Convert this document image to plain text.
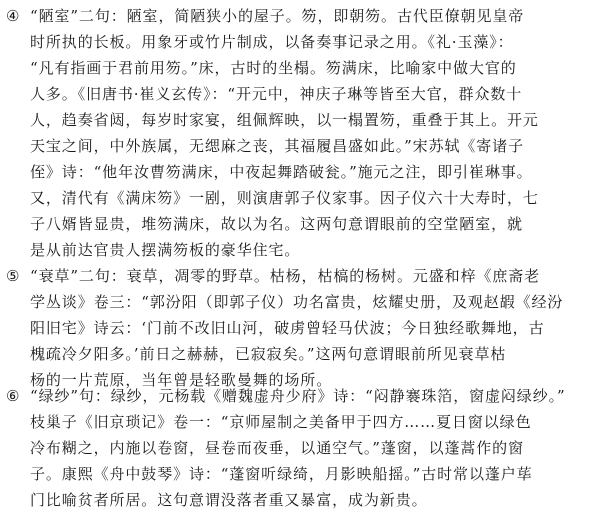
④ “陋室”二句：陋室，简陋狭小的屋子。笏，即朝笏。古代臣僚朝见皇帝
时所执的长板。用象牙或竹片制成，以备奏事记录之用。《礼·玉藻》：
“凡有指画于君前用笏。”床，古时的坐榻。笏满床，比喻家中做大官的
人多。《旧唐书·崔义玄传》：“开元中，神庆子琳等皆至大官，群众数十
人，趋奏省闼，每岁时家宴，组佩辉映，以一榻置笏，重叠于其上。开元
天宝之间，中外族属，无缌麻之丧，其福履昌盛如此。”宋苏轼《寄诸子
侄》诗：“他年汝曹笏满床，中夜起舞踏破瓮。”施元之注，即引崔琳事。
又，清代有《满床笏》一剧，则演唐郭子仪家事。因子仪六十大寿时，七
子八婿皆显贵，堆笏满床，故以为名。这两句意谓眼前的空堂陋室，就
是从前达官贵人摆满笏板的豪华住宅。
⑤ “衰草”二句：衰草，凋零的野草。枯杨，枯槁的杨树。元盛和梓《庶斋老
学丛谈》卷三：“郭汾阳（即郭子仪）功名富贵，炫耀史册，及观赵嘏《经汾
阳旧宅》诗云：‘门前不改旧山河，破虏曾轻马伏波；今日独经歌舞地，古
槐疏冷夕阳多。’前日之赫赫，已寂寂矣。”这两句意谓眼前所见衰草枯
杨的一片荒原，当年曾是轻歌曼舞的场所。
⑥ “绿纱”句：绿纱，元杨载《赠魏虚舟少府》诗：“闷静褰珠箔，窗虚闷绿纱。”
枝巢子《旧京琐记》卷一：“京师屋制之美备甲于四方……夏日窗以绿色
冷布糊之，内施以卷窗，昼卷而夜垂，以通空气。”蓬窗，以蓬蒿作的窗
子。康熙《舟中鼓琴》诗：“蓬窗听绿绮，月影映船摇。”古时常以蓬户荜
门比喻贫者所居。这句意谓没落者重又暴富，成为新贵。
